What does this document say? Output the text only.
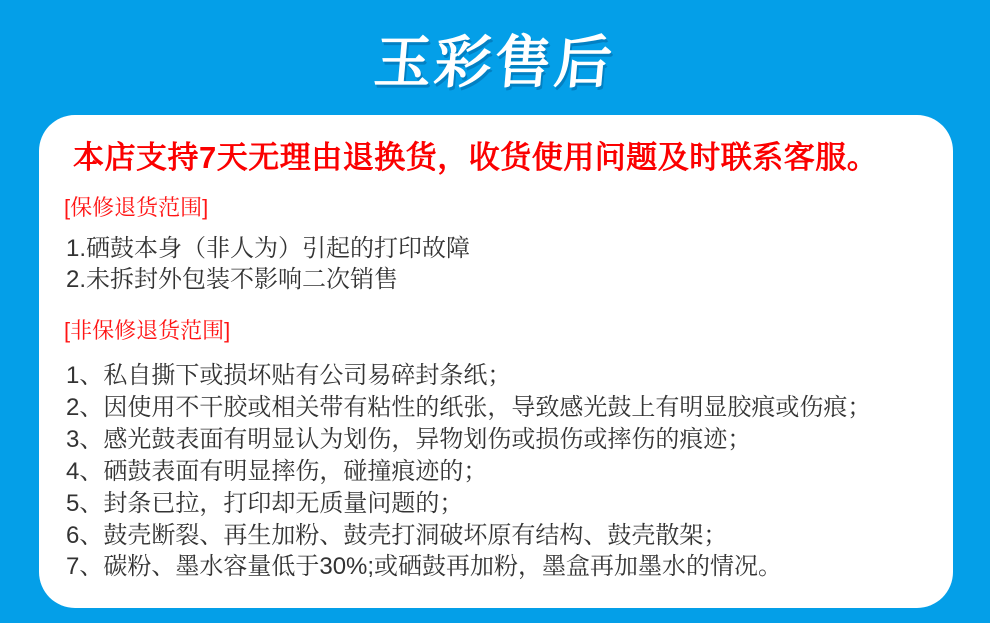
玉彩售后

本店支持7天无理由退换货，收货使用问题及时联系客服。

[保修退货范围]

1.硒鼓本身（非人为）引起的打印故障

2.未拆封外包装不影响二次销售

[非保修退货范围]

1、私自撕下或损坏贴有公司易碎封条纸；

2、因使用不干胶或相关带有粘性的纸张，导致感光鼓上有明显胶痕或伤痕；

3、感光鼓表面有明显认为划伤，异物划伤或损伤或摔伤的痕迹；

4、硒鼓表面有明显摔伤，碰撞痕迹的；

5、封条已拉，打印却无质量问题的；

6、鼓壳断裂、再生加粉、鼓壳打洞破坏原有结构、鼓壳散架；

7、碳粉、墨水容量低于30%;或硒鼓再加粉，墨盒再加墨水的情况。
